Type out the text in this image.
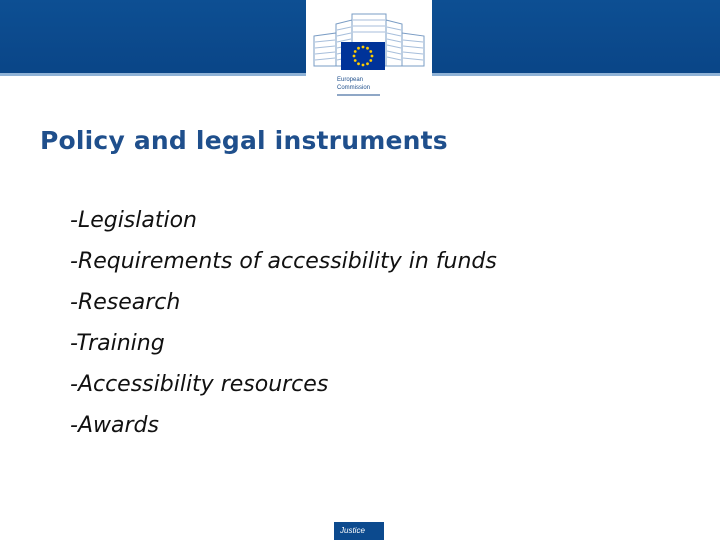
European
Commission
Policy and legal instruments
-Legislation
-Requirements of accessibility in funds
-Research
-Training
-Accessibility resources
-Awards
Justice
